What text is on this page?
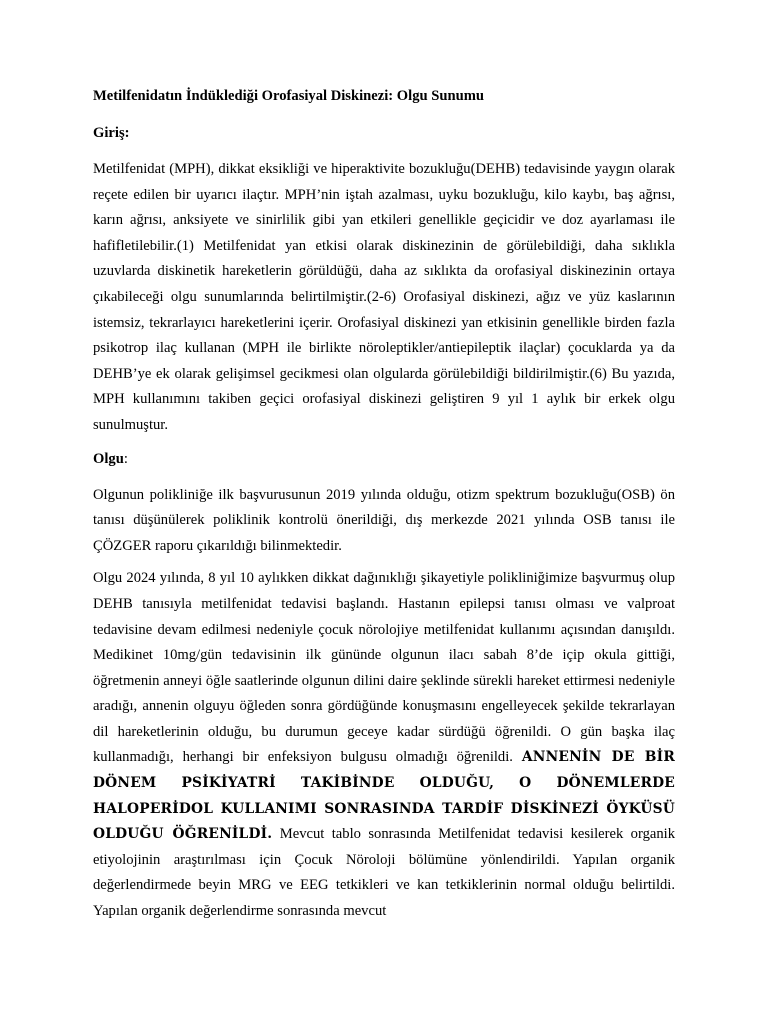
Metilfenidatın İndüklediği Orofasiyal Diskinezi: Olgu Sunumu
Giriş:

Metilfenidat (MPH), dikkat eksikliği ve hiperaktivite bozukluğu(DEHB) tedavisinde yaygın olarak reçete edilen bir uyarıcı ilaçtır. MPH’nin iştah azalması, uyku bozukluğu, kilo kaybı, baş ağrısı, karın ağrısı, anksiyete ve sinirlilik gibi yan etkileri genellikle geçicidir ve doz ayarlaması ile hafifletilebilir.(1) Metilfenidat yan etkisi olarak diskinezinin de görülebildiği, daha sıklıkla uzuvlarda diskinetik hareketlerin görüldüğü, daha az sıklıkta da orofasiyal diskinezinin ortaya çıkabileceği olgu sunumlarında belirtilmiştir.(2-6) Orofasiyal diskinezi, ağız ve yüz kaslarının istemsiz, tekrarlayıcı hareketlerini içerir. Orofasiyal diskinezi yan etkisinin genellikle birden fazla psikotrop ilaç kullanan (MPH ile birlikte nöroleptikler/antiepileptik ilaçlar) çocuklarda ya da DEHB’ye ek olarak gelişimsel gecikmesi olan olgularda görülebildiği bildirilmiştir.(6) Bu yazıda, MPH kullanımını takiben geçici orofasiyal diskinezi geliştiren 9 yıl 1 aylık bir erkek olgu sunulmuştur.

Olgu:

Olgunun polikliniğe ilk başvurusunun 2019 yılında olduğu, otizm spektrum bozukluğu(OSB) ön tanısı düşünülerek poliklinik kontrolü önerildiği, dış merkezde 2021 yılında OSB tanısı ile ÇÖZGER raporu çıkarıldığı bilinmektedir.

Olgu 2024 yılında, 8 yıl 10 aylıkken dikkat dağınıklığı şikayetiyle polikliniğimize başvurmuş olup DEHB tanısıyla metilfenidat tedavisi başlandı. Hastanın epilepsi tanısı olması ve valproat tedavisine devam edilmesi nedeniyle çocuk nörolojiye metilfenidat kullanımı açısından danışıldı. Medikinet 10mg/gün tedavisinin ilk gününde olgunun ilacı sabah 8’de içip okula gittiği, öğretmenin anneyi öğle saatlerinde olgunun dilini daire şeklinde sürekli hareket ettirmesi nedeniyle aradığı, annenin olguyu öğleden sonra gördüğünde konuşmasını engelleyecek şekilde tekrarlayan dil hareketlerinin olduğu, bu durumun geceye kadar sürdüğü öğrenildi. O gün başka ilaç kullanmadığı, herhangi bir enfeksiyon bulgusu olmadığı öğrenildi. ANNENİN DE BİR DÖNEM PSİKİYATRİ TAKİBİNDE OLDUĞU, O DÖNEMLERDE HALOPERİDOL KULLANIMI SONRASINDA TARDİF DİSKİNEZİ ÖYKÜSÜ OLDUĞU ÖĞRENİLDİ. Mevcut tablo sonrasında Metilfenidat tedavisi kesilerek organik etiyolojinin araştırılması için Çocuk Nöroloji bölümüne yönlendirildi. Yapılan organik değerlendirmede beyin MRG ve EEG tetkikleri ve kan tetkiklerinin normal olduğu belirtildi. Yapılan organik değerlendirme sonrasında mevcut
